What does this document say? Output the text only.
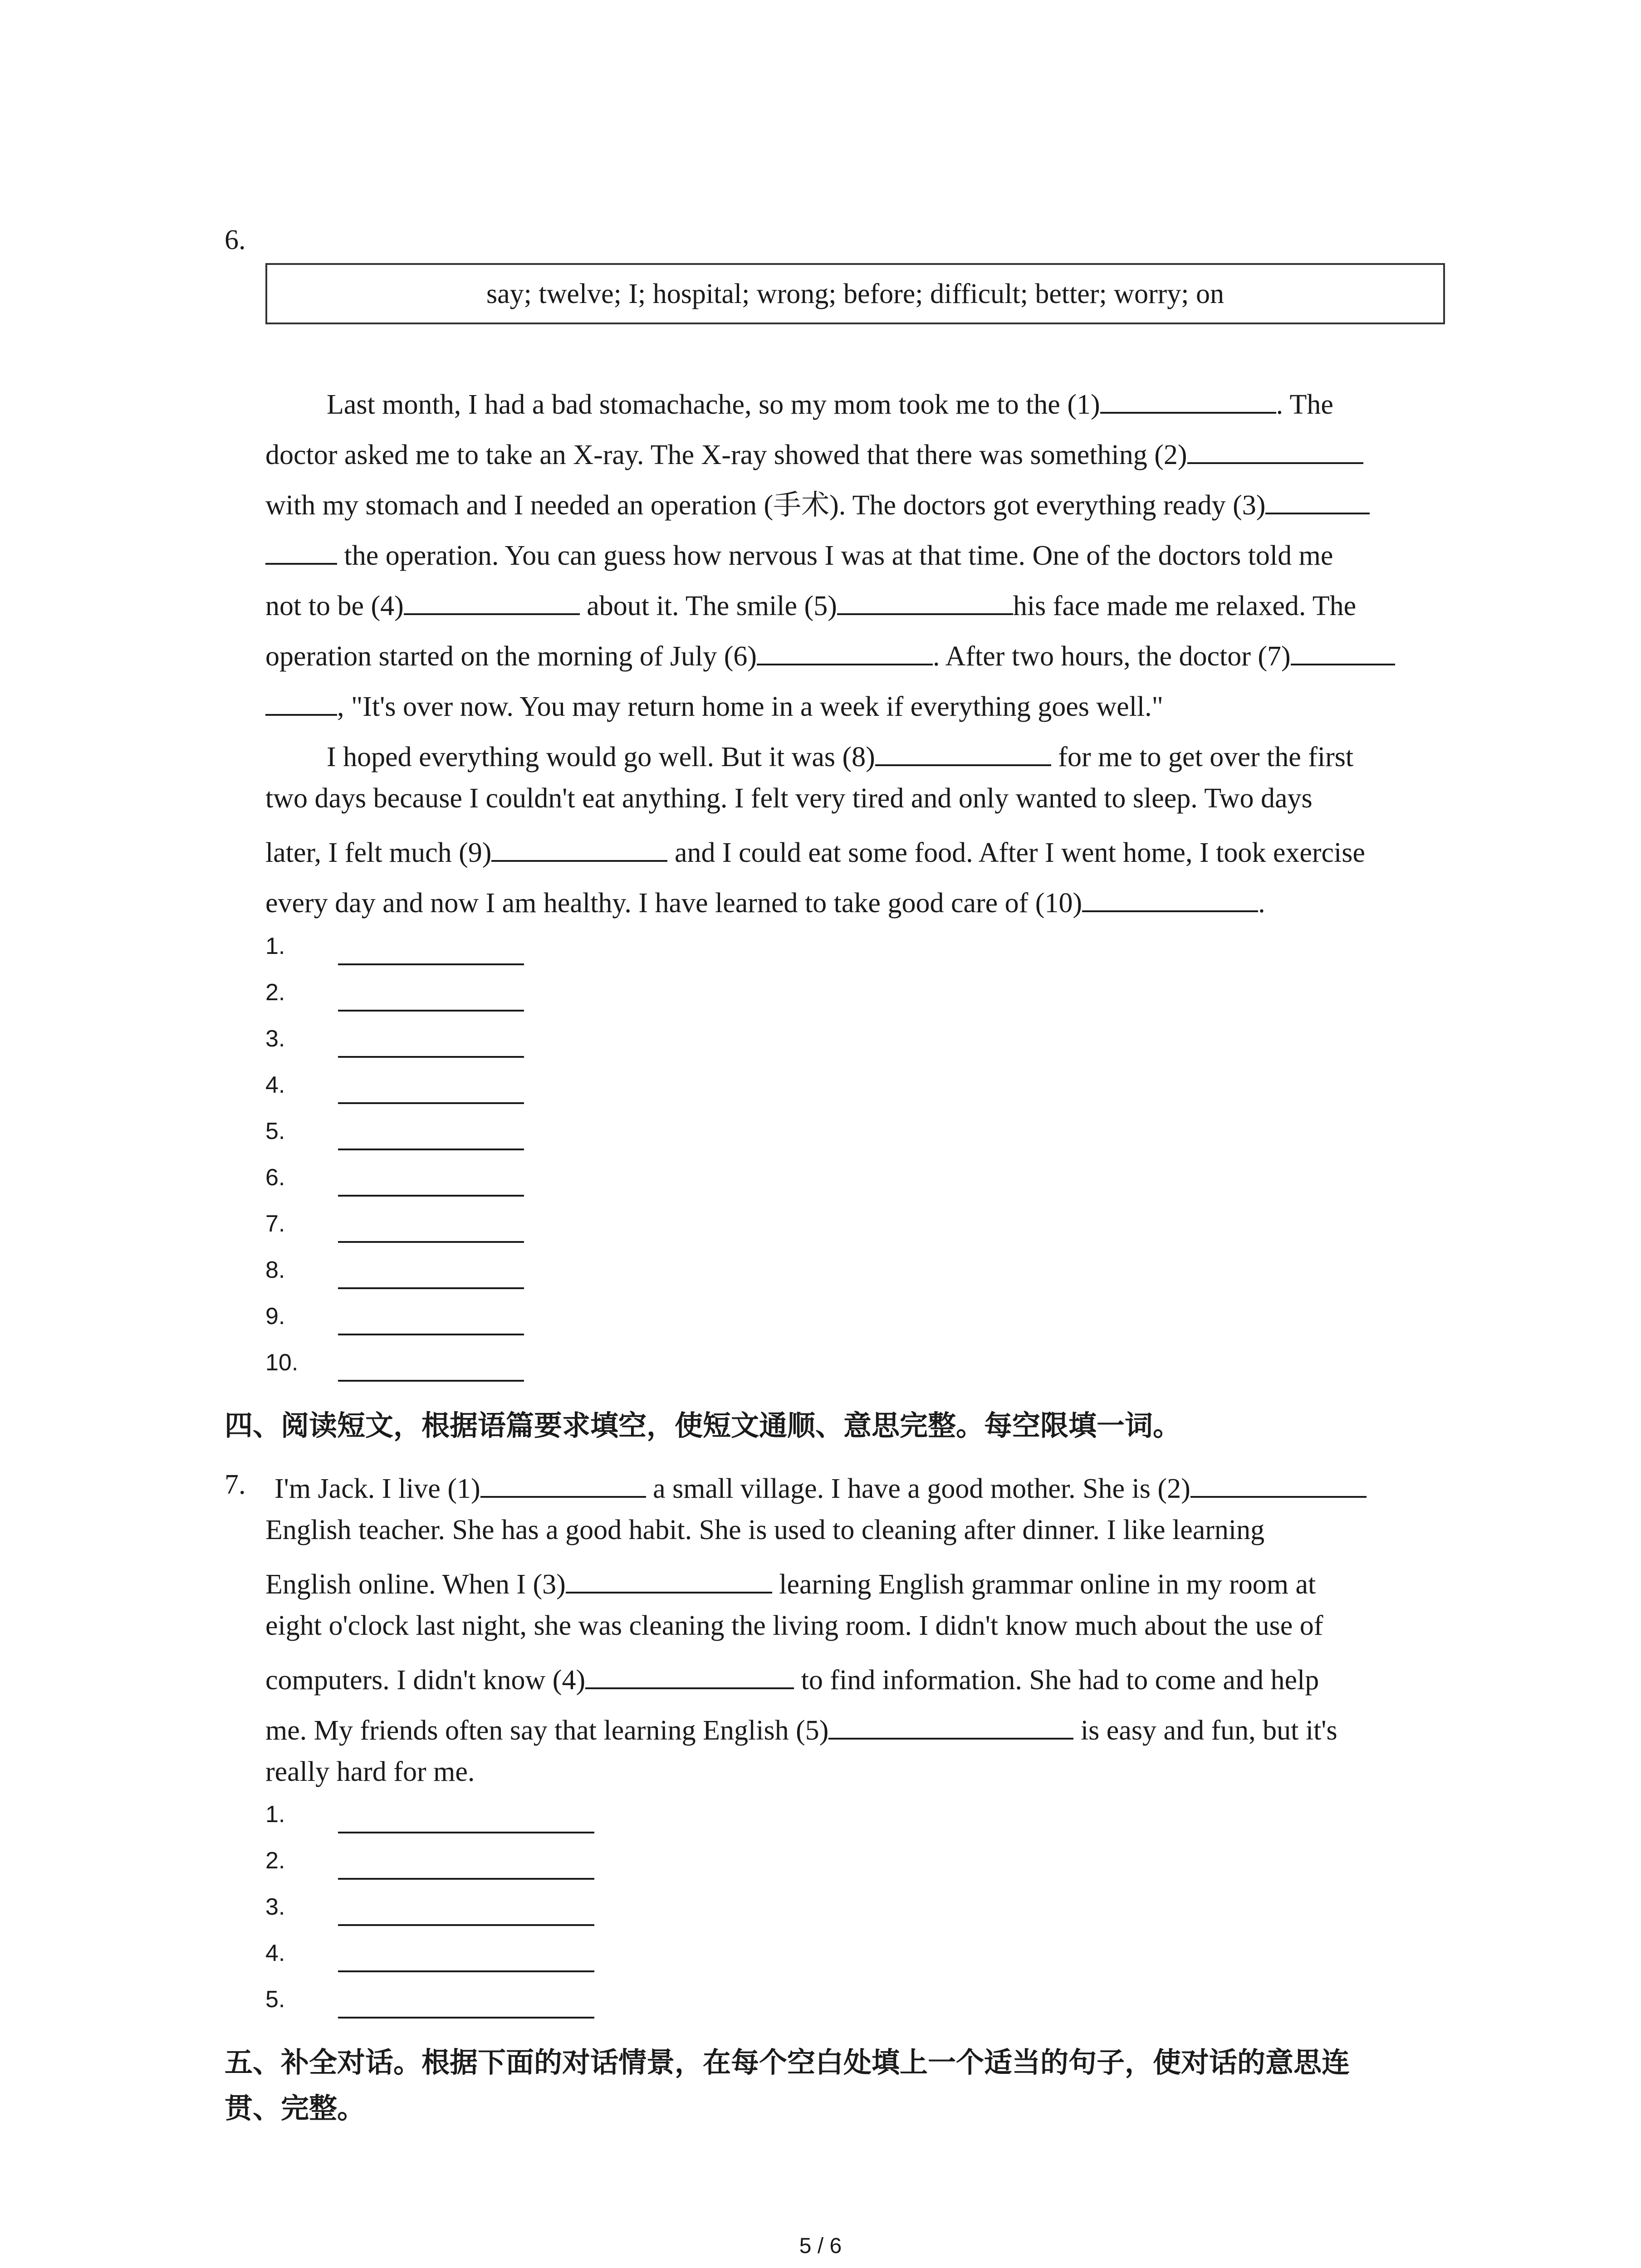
6.
say; twelve; I; hospital; wrong; before; difficult; better; worry; on
Last month, I had a bad stomachache, so my mom took me to the (1)	. The
doctor asked me to take an X-ray. The X-ray showed that there was something (2)
with my stomach and I needed an operation (手术). The doctors got everything ready (3)
the operation. You can guess how nervous I was at that time. One of the doctors told me
not to be (4)	about it. The smile (5)	his face made me relaxed. The
operation started on the morning of July (6)	. After two hours, the doctor (7)
, "It's over now. You may return home in a week if everything goes well."
I hoped everything would go well. But it was (8)	for me to get over the first
two days because I couldn't eat anything. I felt very tired and only wanted to sleep. Two days
later, I felt much (9)	and I could eat some food. After I went home, I took exercise
every day and now I am healthy. I have learned to take good care of (10)	.
1.
2.
3.
4.
5.
6.
7.
8.
9.
10.
四、阅读短文，根据语篇要求填空，使短文通顺、意思完整。每空限填一词。
7. I'm Jack. I live (1)	a small village. I have a good mother. She is (2)
English teacher. She has a good habit. She is used to cleaning after dinner. I like learning
English online. When I (3)	learning English grammar online in my room at
eight o'clock last night, she was cleaning the living room. I didn't know much about the use of
computers. I didn't know (4)	to find information. She had to come and help
me. My friends often say that learning English (5)	is easy and fun, but it's
really hard for me.
1.
2.
3.
4.
5.
五、补全对话。根据下面的对话情景，在每个空白处填上一个适当的句子，使对话的意思连
贯、完整。
5 / 6
